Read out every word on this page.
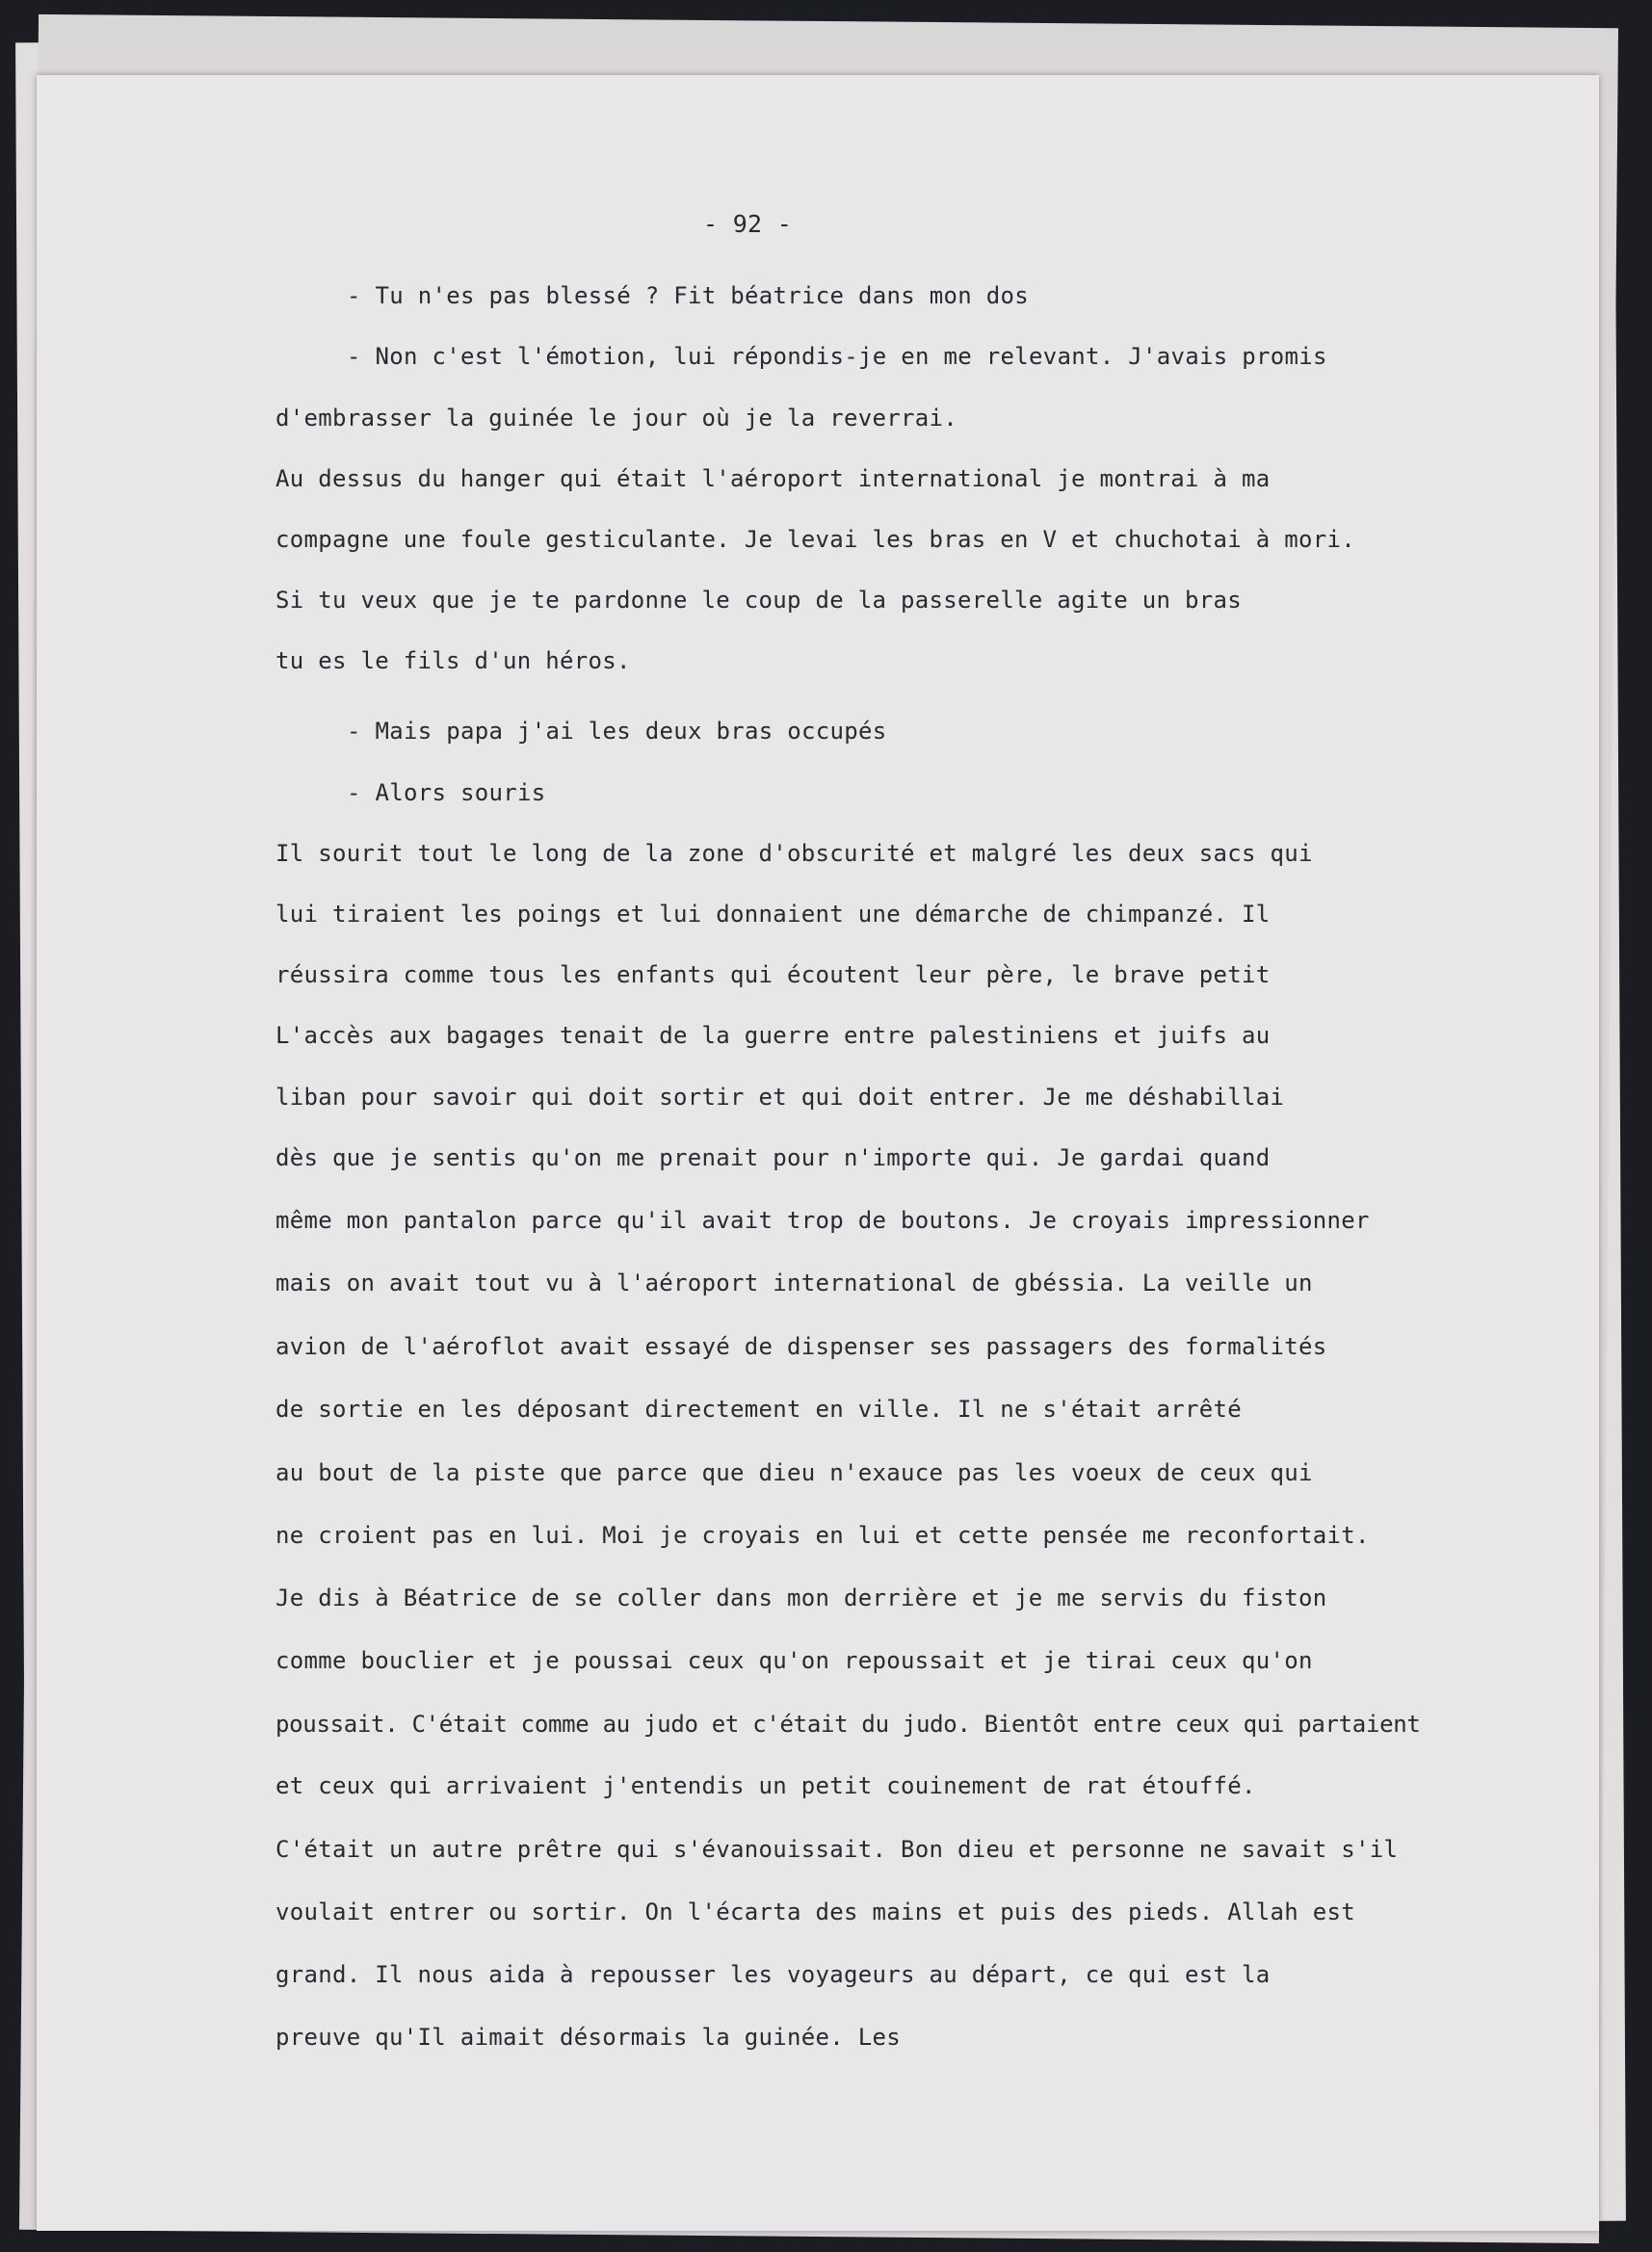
- 92 -
- Tu n'es pas blessé ? Fit béatrice dans mon dos
- Non c'est l'émotion, lui répondis-je en me relevant. J'avais promis
d'embrasser la guinée le jour où je la reverrai.
Au dessus du hanger qui était l'aéroport international je montrai à ma
compagne une foule gesticulante. Je levai les bras en V et chuchotai à mori.
Si tu veux que je te pardonne le coup de la passerelle agite un bras
tu es le fils d'un héros.
- Mais papa j'ai les deux bras occupés
- Alors souris
Il sourit tout le long de la zone d'obscurité et malgré les deux sacs qui
lui tiraient les poings et lui donnaient une démarche de chimpanzé. Il
réussira comme tous les enfants qui écoutent leur père, le brave petit
L'accès aux bagages tenait de la guerre entre palestiniens et juifs au
liban pour savoir qui doit sortir et qui doit entrer. Je me déshabillai
dès que je sentis qu'on me prenait pour n'importe qui. Je gardai quand
même mon pantalon parce qu'il avait trop de boutons. Je croyais impressionner
mais on avait tout vu à l'aéroport international de gbéssia. La veille un
avion de l'aéroflot avait essayé de dispenser ses passagers des formalités
de sortie en les déposant directement en ville. Il ne s'était arrêté
au bout de la piste que parce que dieu n'exauce pas les voeux de ceux qui
ne croient pas en lui. Moi je croyais en lui et cette pensée me reconfortait.
Je dis à Béatrice de se coller dans mon derrière et je me servis du fiston
comme bouclier et je poussai ceux qu'on repoussait et je tirai ceux qu'on
poussait. C'était comme au judo et c'était du judo. Bientôt entre ceux qui partaient
et ceux qui arrivaient j'entendis un petit couinement de rat étouffé.
C'était un autre prêtre qui s'évanouissait. Bon dieu et personne ne savait s'il
voulait entrer ou sortir. On l'écarta des mains et puis des pieds. Allah est
grand. Il nous aida à repousser les voyageurs au départ, ce qui est la
preuve qu'Il aimait désormais la guinée. Les
